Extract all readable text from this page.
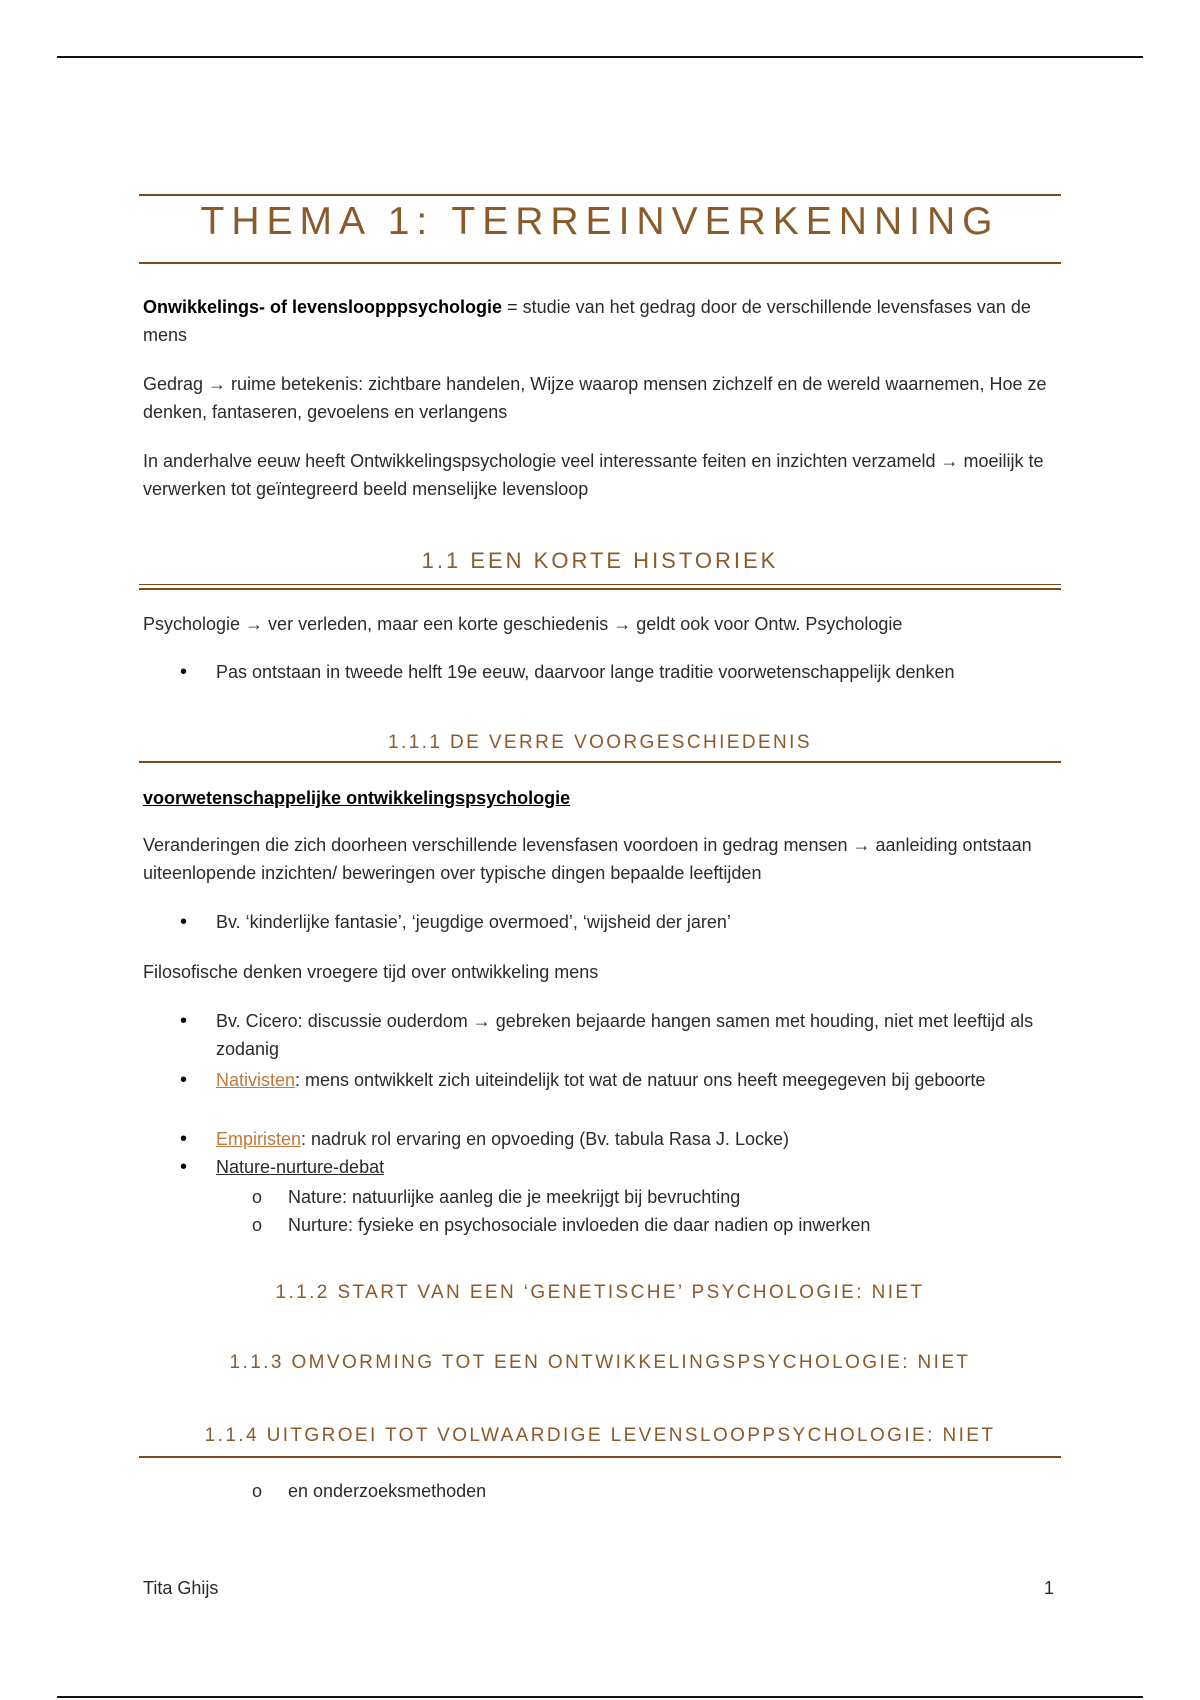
THEMA 1: TERREINVERKENNING
Onwikkelings- of levensloopppsychologie = studie van het gedrag door de verschillende levensfases van de mens
Gedrag → ruime betekenis: zichtbare handelen, Wijze waarop mensen zichzelf en de wereld waarnemen, Hoe ze denken, fantaseren, gevoelens en verlangens
In anderhalve eeuw heeft Ontwikkelingspsychologie veel interessante feiten en inzichten verzameld → moeilijk te verwerken tot geïntegreerd beeld menselijke levensloop
1.1 EEN KORTE HISTORIEK
Psychologie → ver verleden, maar een korte geschiedenis → geldt ook voor Ontw. Psychologie
•	Pas ontstaan in tweede helft 19e eeuw, daarvoor lange traditie voorwetenschappelijk denken
1.1.1 DE VERRE VOORGESCHIEDENIS
voorwetenschappelijke ontwikkelingspsychologie
Veranderingen die zich doorheen verschillende levensfasen voordoen in gedrag mensen → aanleiding ontstaan uiteenlopende inzichten/ beweringen over typische dingen bepaalde leeftijden
•	Bv. ‘kinderlijke fantasie’, ‘jeugdige overmoed’, ‘wijsheid der jaren’
Filosofische denken vroegere tijd over ontwikkeling mens
•	Bv. Cicero: discussie ouderdom → gebreken bejaarde hangen samen met houding, niet met leeftijd als zodanig
•	Nativisten: mens ontwikkelt zich uiteindelijk tot wat de natuur ons heeft meegegeven bij geboorte
•	Empiristen: nadruk rol ervaring en opvoeding (Bv. tabula Rasa J. Locke)
•	Nature-nurture-debat
o Nature: natuurlijke aanleg die je meekrijgt bij bevruchting
o Nurture: fysieke en psychosociale invloeden die daar nadien op inwerken
1.1.2 START VAN EEN ‘GENETISCHE’ PSYCHOLOGIE: NIET
1.1.3 OMVORMING TOT EEN ONTWIKKELINGSPSYCHOLOGIE: NIET
1.1.4 UITGROEI TOT VOLWAARDIGE LEVENSLOOPPSYCHOLOGIE: NIET
o en onderzoeksmethoden
Tita Ghijs	1
